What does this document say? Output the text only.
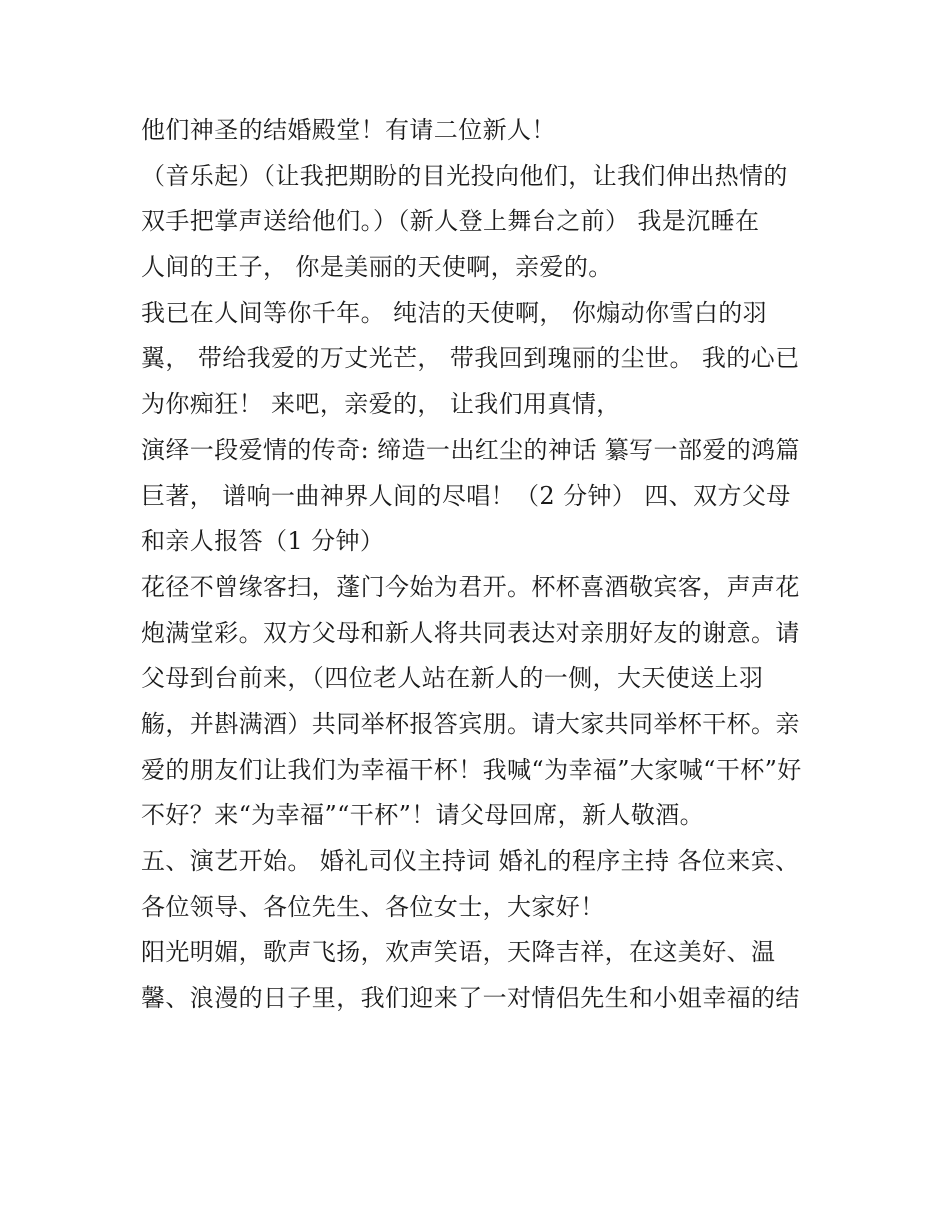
他们神圣的结婚殿堂！有请二位新人！
（音乐起）（让我把期盼的目光投向他们，让我们伸出热情的
双手把掌声送给他们。）（新人登上舞台之前） 我是沉睡在
人间的王子， 你是美丽的天使啊，亲爱的。
我已在人间等你千年。 纯洁的天使啊， 你煽动你雪白的羽
翼， 带给我爱的万丈光芒， 带我回到瑰丽的尘世。 我的心已
为你痴狂！ 来吧，亲爱的， 让我们用真情，
演绎一段爱情的传奇: 缔造一出红尘的神话 纂写一部爱的鸿篇
巨著， 谱响一曲神界人间的尽唱！（2 分钟） 四、双方父母
和亲人报答（1 分钟）
花径不曾缘客扫，蓬门今始为君开。杯杯喜酒敬宾客，声声花
炮满堂彩。双方父母和新人将共同表达对亲朋好友的谢意。请
父母到台前来，（四位老人站在新人的一侧，大天使送上羽
觞，并斟满酒）共同举杯报答宾朋。请大家共同举杯干杯。亲
爱的朋友们让我们为幸福干杯！我喊“为幸福”大家喊“干杯”好
不好？来“为幸福”“干杯”！请父母回席，新人敬酒。
五、演艺开始。 婚礼司仪主持词 婚礼的程序主持 各位来宾、
各位领导、各位先生、各位女士，大家好！
阳光明媚，歌声飞扬，欢声笑语，天降吉祥，在这美好、温
馨、浪漫的日子里，我们迎来了一对情侣先生和小姐幸福的结
